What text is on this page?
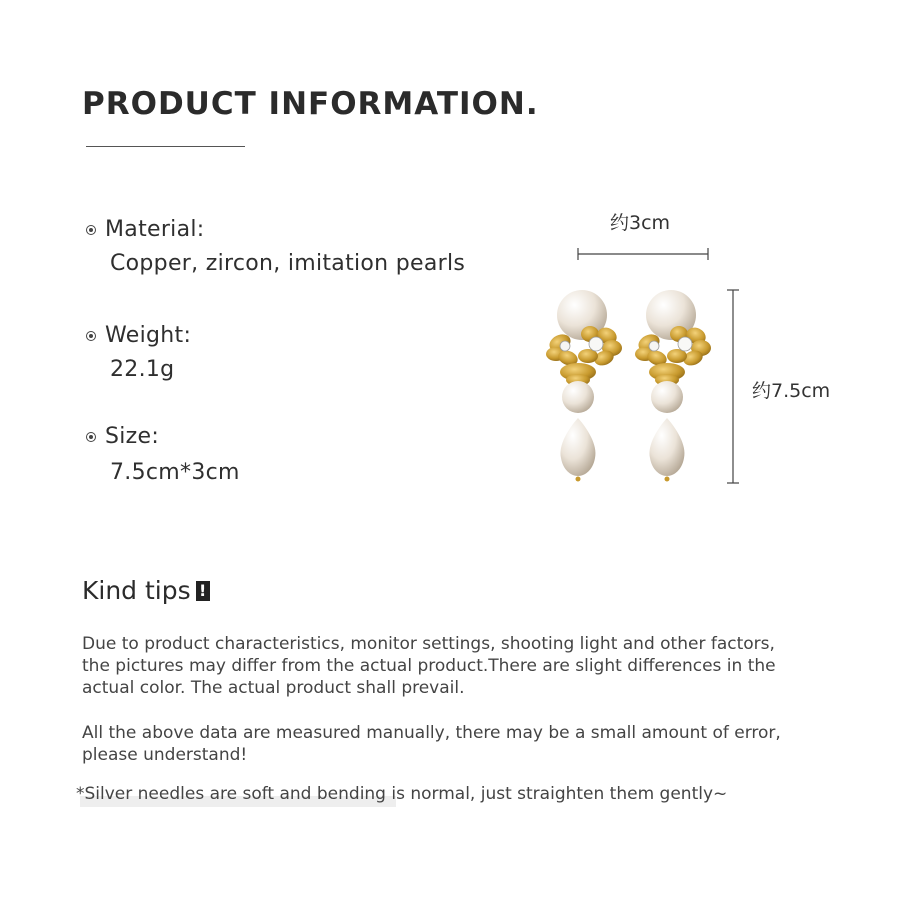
PRODUCT INFORMATION.
Material:
Copper, zircon, imitation pearls
Weight:
22.1g
Size:
7.5cm*3cm
约3cm
约7.5cm
Kind tips !
Due to product characteristics, monitor settings, shooting light and other factors, the pictures may differ from the actual product.There are slight differences in the actual color. The actual product shall prevail.
All the above data are measured manually, there may be a small amount of error, please understand!
*Silver needles are soft and bending is normal, just straighten them gently~
